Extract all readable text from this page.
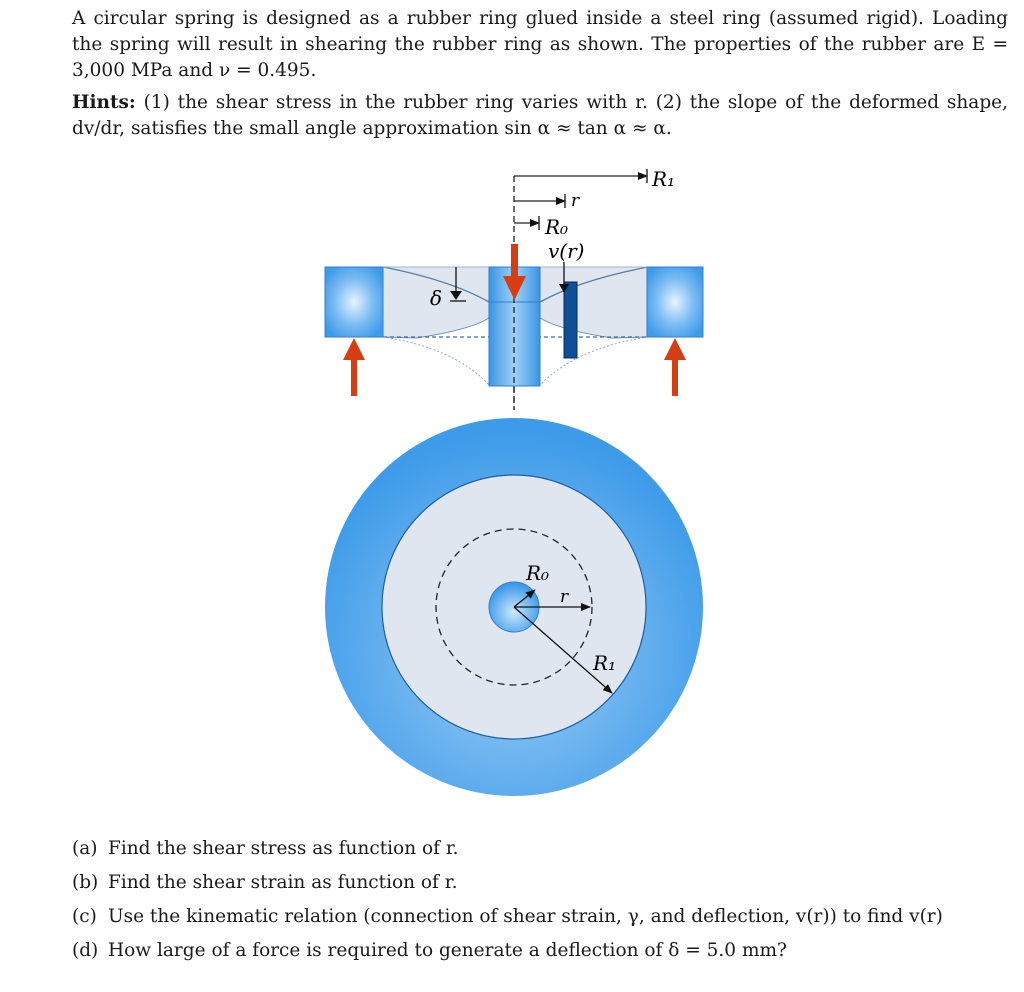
A circular spring is designed as a rubber ring glued inside a steel ring (assumed rigid). Loading the spring will result in shearing the rubber ring as shown. The properties of the rubber are E = 3,000 MPa and ν = 0.495.

Hints: (1) the shear stress in the rubber ring varies with r. (2) the slope of the deformed shape, dv/dr, satisfies the small angle approximation sin α ≈ tan α ≈ α.

R₁
r
R₀
v(r)
δ
R₀
r
R₁
(a) Find the shear stress as function of r.
(b) Find the shear strain as function of r.
(c) Use the kinematic relation (connection of shear strain, γ, and deflection, v(r)) to find v(r)
(d) How large of a force is required to generate a deflection of δ = 5.0 mm?
